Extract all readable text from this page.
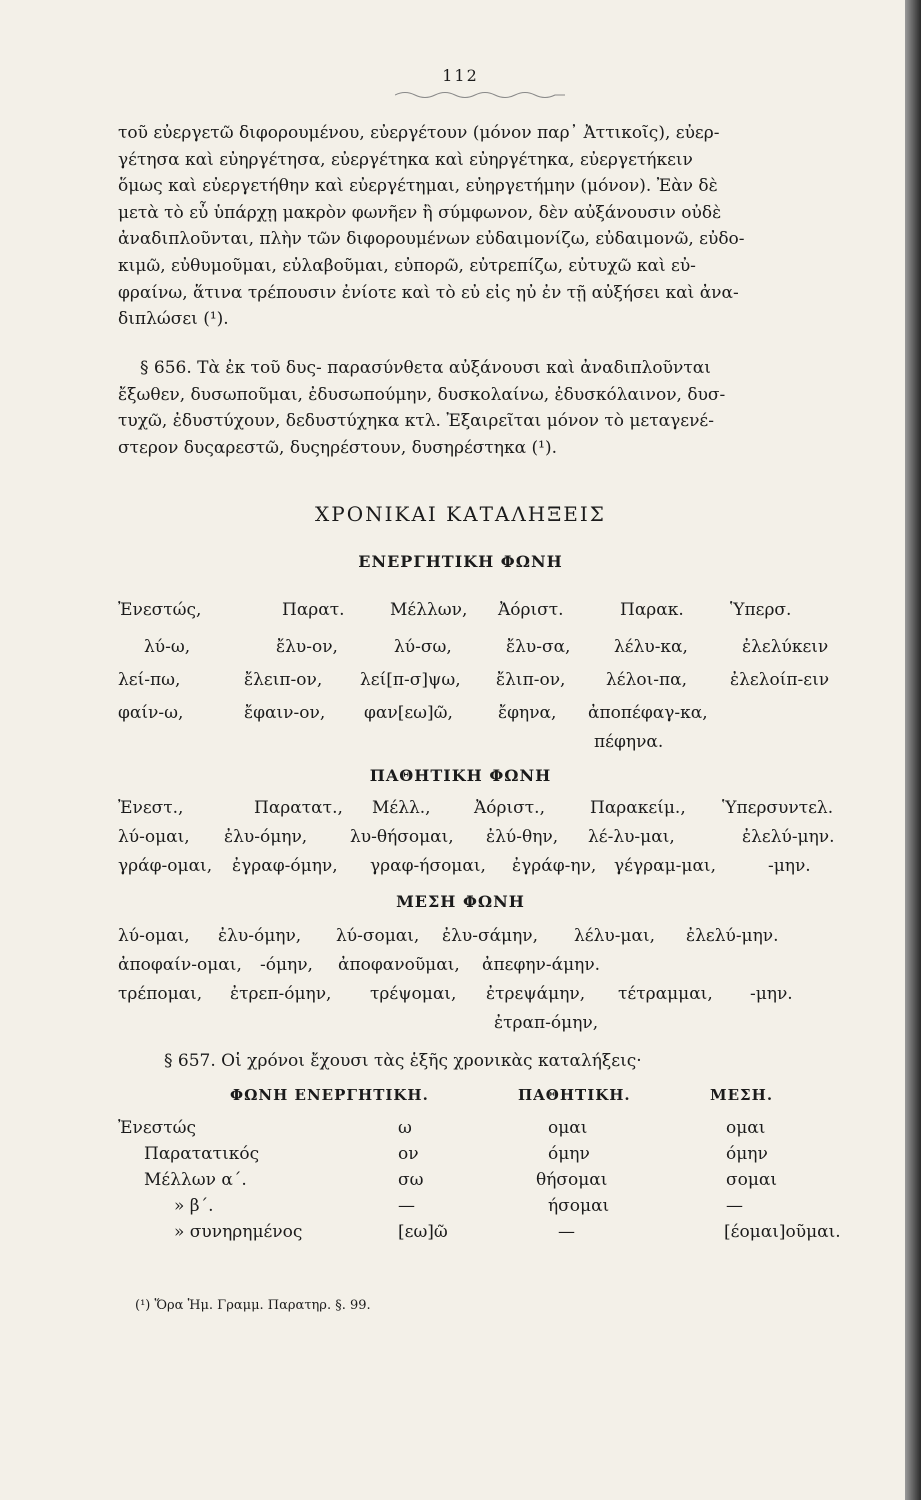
112
τοῦ εὐεργετῶ διφορουμένου, εὐεργέτουν (μόνον παρ᾽ Ἀττικοῖς), εὐερ-
γέτησα καὶ εὐηργέτησα, εὐεργέτηκα καὶ εὐηργέτηκα, εὐεργετήκειν
ὅμως καὶ εὐεργετήθην καὶ εὐεργέτημαι, εὐηργετήμην (μόνον). Ἐὰν δὲ
μετὰ τὸ εὖ ὑπάρχῃ μακρὸν φωνῆεν ἢ σύμφωνον, δὲν αὐξάνουσιν οὐδὲ
ἀναδιπλοῦνται, πλὴν τῶν διφορουμένων εὐδαιμονίζω, εὐδαιμονῶ, εὐδο-
κιμῶ, εὐθυμοῦμαι, εὐλαβοῦμαι, εὐπορῶ, εὐτρεπίζω, εὐτυχῶ καὶ εὐ-
φραίνω, ἅτινα τρέπουσιν ἐνίοτε καὶ τὸ εὐ εἰς ηὐ ἐν τῇ αὐξήσει καὶ ἀνα-
διπλώσει (¹).
§ 656. Τὰ ἐκ τοῦ δυς- παρασύνθετα αὐξάνουσι καὶ ἀναδιπλοῦνται
ἔξωθεν, δυσωποῦμαι, ἐδυσωπούμην, δυσκολαίνω, ἐδυσκόλαινον, δυσ-
τυχῶ, ἐδυστύχουν, δεδυστύχηκα κτλ. Ἐξαιρεῖται μόνον τὸ μεταγενέ-
στερον δυςαρεστῶ, δυςηρέστουν, δυσηρέστηκα (¹).
ΧΡΟΝΙΚΑΙ ΚΑΤΑΛΗΞΕΙΣ
ΕΝΕΡΓΗΤΙΚΗ ΦΩΝΗ
Ἐνεστώς,	Παρατ.	Μέλλων, Ἀόριστ.	Παρακ.	Ὑπερσ.
λύ-ω,	ἔλυ-ον,	λύ-σω,	ἔλυ-σα,	λέλυ-κα,	ἐλελύκειν
λεί-πω,	ἔλειπ-ον, λεί[π-σ]ψω, ἔλιπ-ον, λέλοι-πα,	ἐλελοίπ-ειν
φαίν-ω,	ἔφαιν-ον, φαν[εω]ῶ,	ἔφηνα, ἀποπέφαγ-κα,
πέφηνα.
ΠΑΘΗΤΙΚΗ ΦΩΝΗ
Ἐνεστ.,	Παρατατ., Μέλλ.,	Ἀόριστ.,	Παρακείμ., Ὑπερσυντελ.
λύ-ομαι, ἐλυ-όμην,	λυ-θήσομαι, ἐλύ-θην, λέ-λυ-μαι,	ἐλελύ-μην.
γράφ-ομαι, ἐγραφ-όμην, γραφ-ήσομαι, ἐγράφ-ην, γέγραμ-μαι,	-μην.
ΜΕΣΗ ΦΩΝΗ
λύ-ομαι, ἐλυ-όμην, λύ-σομαι, ἐλυ-σάμην, λέλυ-μαι, ἐλελύ-μην.
ἀποφαίν-ομαι, -όμην, ἀποφανοῦμαι, ἀπεφην-άμην.
τρέπομαι, ἐτρεπ-όμην, τρέψομαι, ἐτρεψάμην, τέτραμμαι, -μην.
ἐτραπ-όμην,
§ 657. Οἱ χρόνοι ἔχουσι τὰς ἑξῆς χρονικὰς καταλήξεις·
ΦΩΝΗ ΕΝΕΡΓΗΤΙΚΗ.	ΠΑΘΗΤΙΚΗ.	ΜΕΣΗ.
Ἐνεστώς	ω	ομαι	ομαι
Παρατατικός	ον	όμην	όμην
Μέλλων α΄.	σω	θήσομαι	σομαι
» β΄.	—	ήσομαι	—
» συνηρημένος	[εω]ῶ	—	[έομαι]οῦμαι.
(¹) Ὅρα Ἡμ. Γραμμ. Παρατηρ. §. 99.
